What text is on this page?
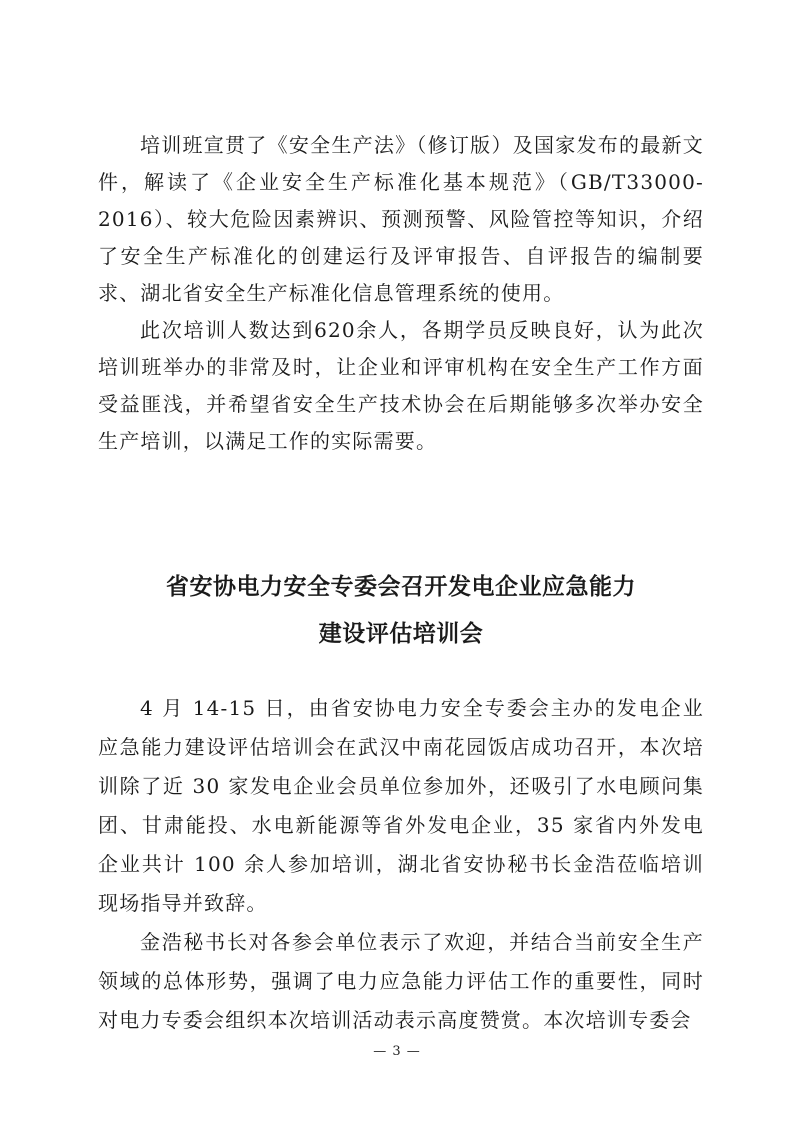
培训班宣贯了《安全生产法》（修订版）及国家发布的最新文件，解读了《企业安全生产标准化基本规范》（GB/T33000-2016）、较大危险因素辨识、预测预警、风险管控等知识，介绍了安全生产标准化的创建运行及评审报告、自评报告的编制要求、湖北省安全生产标准化信息管理系统的使用。

此次培训人数达到620余人，各期学员反映良好，认为此次培训班举办的非常及时，让企业和评审机构在安全生产工作方面受益匪浅，并希望省安全生产技术协会在后期能够多次举办安全生产培训，以满足工作的实际需要。

省安协电力安全专委会召开发电企业应急能力
建设评估培训会

4 月 14-15 日，由省安协电力安全专委会主办的发电企业应急能力建设评估培训会在武汉中南花园饭店成功召开，本次培训除了近 30 家发电企业会员单位参加外，还吸引了水电顾问集团、甘肃能投、水电新能源等省外发电企业，35 家省内外发电企业共计 100 余人参加培训，湖北省安协秘书长金浩莅临培训现场指导并致辞。

金浩秘书长对各参会单位表示了欢迎，并结合当前安全生产领域的总体形势，强调了电力应急能力评估工作的重要性，同时对电力专委会组织本次培训活动表示高度赞赏。本次培训专委会

— 3 —
